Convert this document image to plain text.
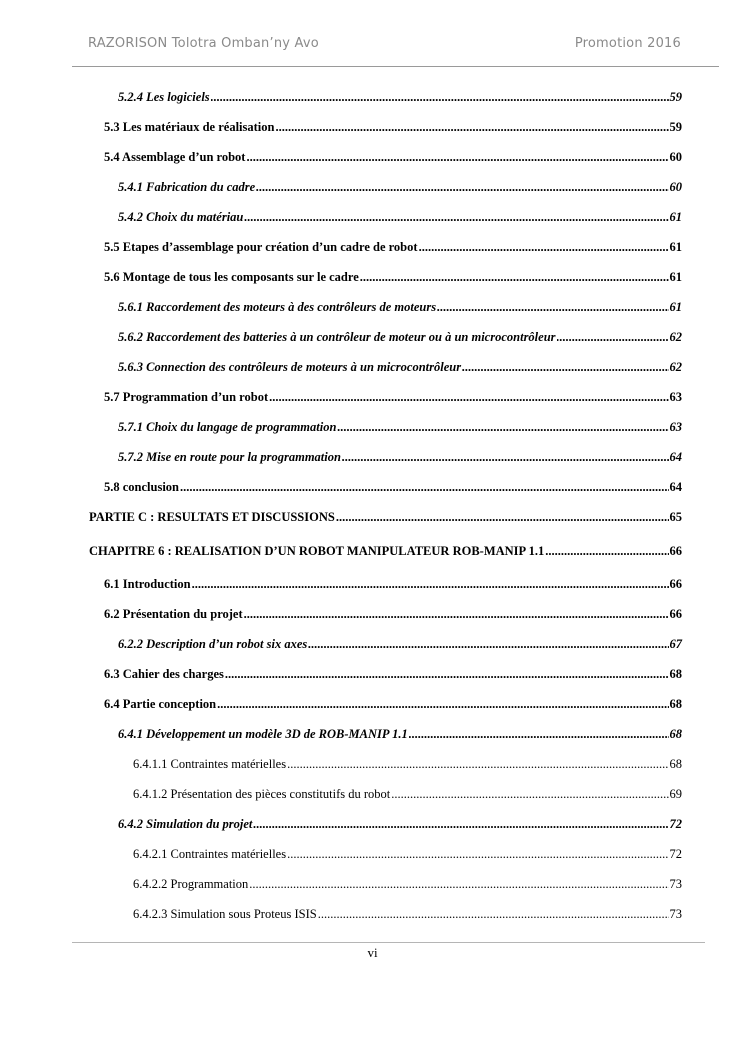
RAZORISON Tolotra Omban’ny Avo	Promotion 2016
5.2.4 Les logiciels .....	59
5.3 Les matériaux de réalisation .....	59
5.4 Assemblage d’un robot .....	60
5.4.1 Fabrication du cadre .....	60
5.4.2 Choix du matériau .....	61
5.5 Etapes d’assemblage pour création d’un cadre de robot .....	61
5.6 Montage de tous les composants sur le cadre .....	61
5.6.1 Raccordement des moteurs à des contrôleurs de moteurs .....	61
5.6.2 Raccordement des batteries à un contrôleur de moteur ou à un microcontrôleur .....	62
5.6.3 Connection des contrôleurs de moteurs à un microcontrôleur .....	62
5.7 Programmation d’un robot .....	63
5.7.1 Choix du langage de programmation .....	63
5.7.2 Mise en route pour la programmation .....	64
5.8 conclusion .....	64
PARTIE C : RESULTATS ET DISCUSSIONS .....	65
CHAPITRE 6 : REALISATION D’UN ROBOT MANIPULATEUR ROB-MANIP 1.1 .....	66
6.1 Introduction .....	66
6.2 Présentation du projet .....	66
6.2.2 Description d’un robot six axes .....	67
6.3 Cahier des charges .....	68
6.4 Partie conception .....	68
6.4.1 Développement un modèle 3D de ROB-MANIP 1.1 .....	68
6.4.1.1 Contraintes matérielles .....	68
6.4.1.2 Présentation des pièces constitutifs du robot .....	69
6.4.2 Simulation du projet .....	72
6.4.2.1 Contraintes matérielles .....	72
6.4.2.2 Programmation .....	73
6.4.2.3 Simulation sous Proteus ISIS .....	73
vi
